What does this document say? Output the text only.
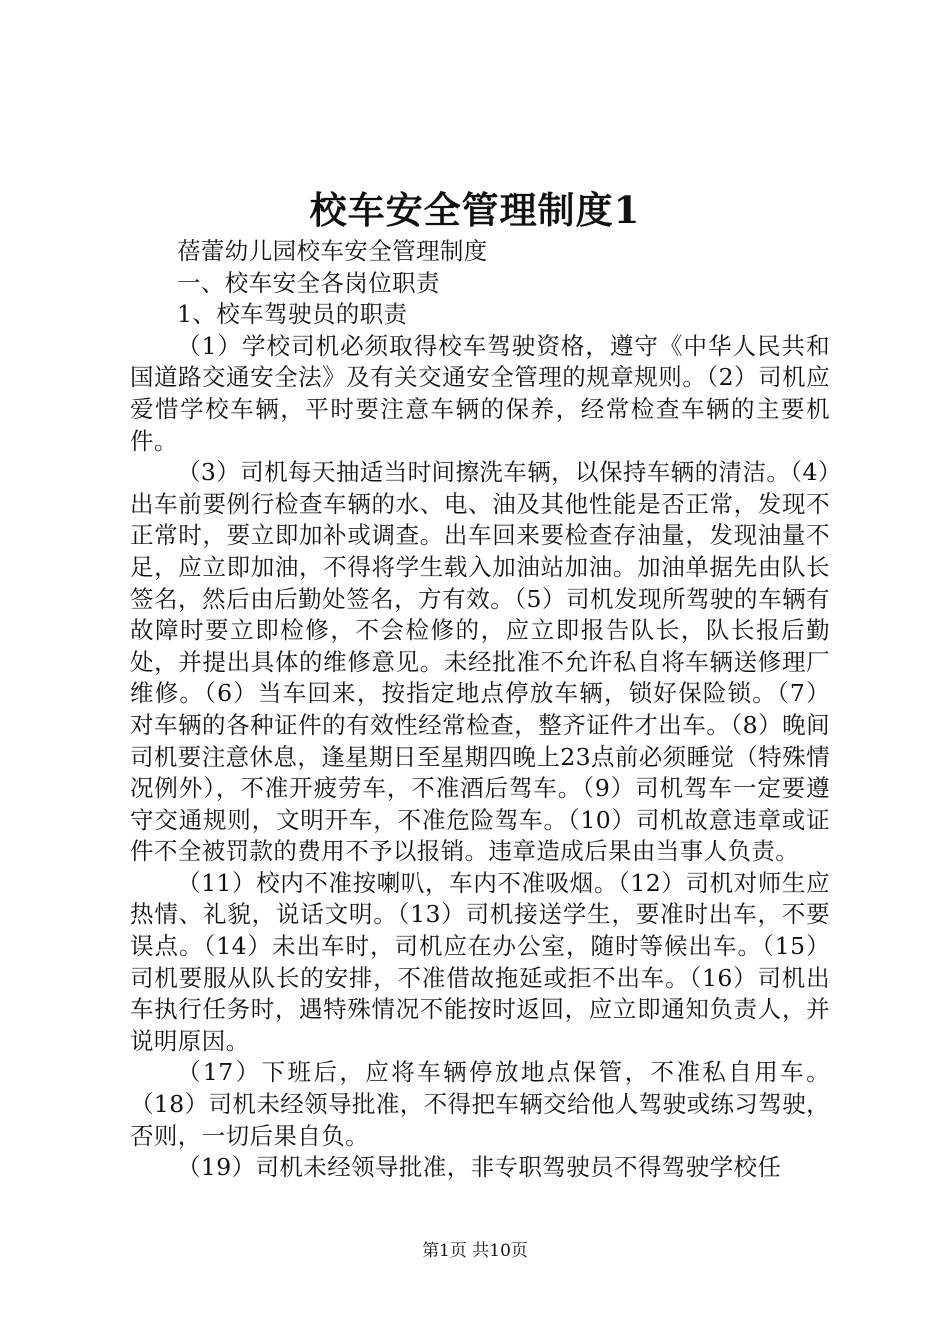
校车安全管理制度1

蓓蕾幼儿园校车安全管理制度

一、校车安全各岗位职责

1、校车驾驶员的职责

（1）学校司机必须取得校车驾驶资格，遵守《中华人民共和国道路交通安全法》及有关交通安全管理的规章规则。（2）司机应爱惜学校车辆，平时要注意车辆的保养，经常检查车辆的主要机件。

（3）司机每天抽适当时间擦洗车辆，以保持车辆的清洁。（4）出车前要例行检查车辆的水、电、油及其他性能是否正常，发现不正常时，要立即加补或调查。出车回来要检查存油量，发现油量不足，应立即加油，不得将学生载入加油站加油。加油单据先由队长签名，然后由后勤处签名，方有效。（5）司机发现所驾驶的车辆有故障时要立即检修，不会检修的，应立即报告队长，队长报后勤处，并提出具体的维修意见。未经批准不允许私自将车辆送修理厂维修。（6）当车回来，按指定地点停放车辆，锁好保险锁。（7）对车辆的各种证件的有效性经常检查，整齐证件才出车。（8）晚间司机要注意休息，逢星期日至星期四晚上23点前必须睡觉（特殊情况例外），不准开疲劳车，不准酒后驾车。（9）司机驾车一定要遵守交通规则，文明开车，不准危险驾车。（10）司机故意违章或证件不全被罚款的费用不予以报销。违章造成后果由当事人负责。

（11）校内不准按喇叭，车内不准吸烟。（12）司机对师生应热情、礼貌，说话文明。（13）司机接送学生，要准时出车，不要误点。（14）未出车时，司机应在办公室，随时等候出车。（15）司机要服从队长的安排，不准借故拖延或拒不出车。（16）司机出车执行任务时，遇特殊情况不能按时返回，应立即通知负责人，并说明原因。

（17）下班后，应将车辆停放地点保管，不准私自用车。（18）司机未经领导批准，不得把车辆交给他人驾驶或练习驾驶，否则，一切后果自负。

（19）司机未经领导批准，非专职驾驶员不得驾驶学校任

第1页 共10页
